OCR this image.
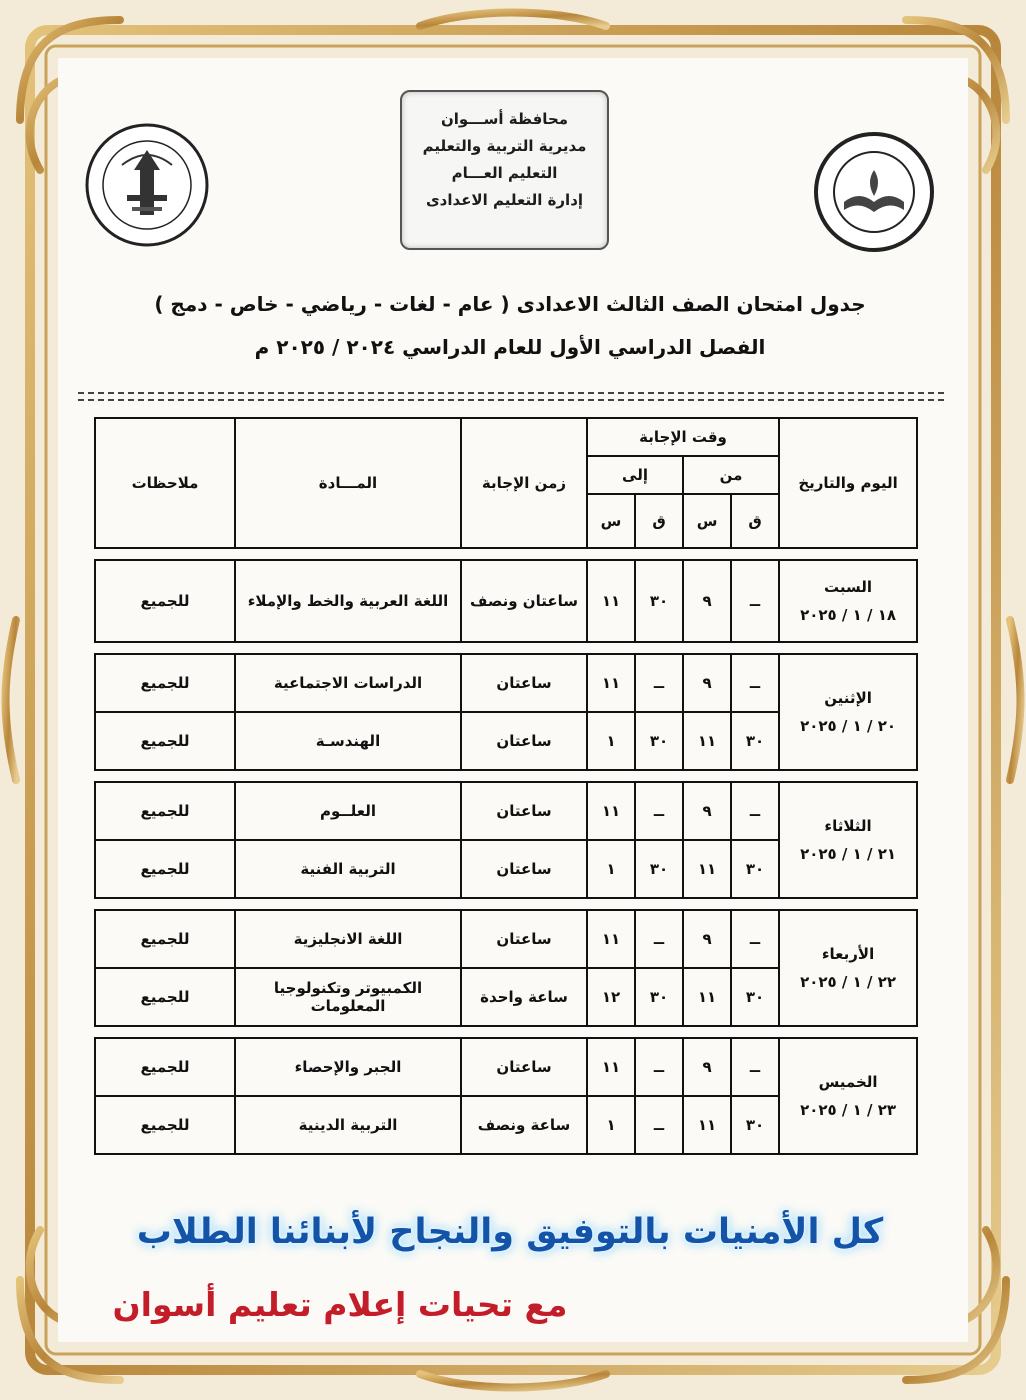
محافظة أســـوان
مديرية التربية والتعليم
التعليم العـــام
إدارة التعليم الاعدادى
جدول امتحان الصف الثالث الاعدادى ( عام - لغات - رياضي - خاص - دمج )
الفصل الدراسي الأول للعام الدراسي ٢٠٢٤ / ٢٠٢٥ م
اليوم والتاريخ	وقت الإجابة				زمن الإجابة	المـــادة	ملاحظات
	من		إلى				
	ق	س	ق	س			

السبت
١٨ / ١ / ٢٠٢٥	ــ	٩	٣٠	١١	ساعتان ونصف	اللغة العربية والخط والإملاء	للجميع

الإثنين
٢٠ / ١ / ٢٠٢٥	ــ	٩	ــ	١١	ساعتان	الدراسات الاجتماعية	للجميع
	٣٠	١١	٣٠	١	ساعتان	الهندسـة	للجميع

الثلاثاء
٢١ / ١ / ٢٠٢٥	ــ	٩	ــ	١١	ساعتان	العلــوم	للجميع
	٣٠	١١	٣٠	١	ساعتان	التربية الفنية	للجميع

الأربعاء
٢٢ / ١ / ٢٠٢٥	ــ	٩	ــ	١١	ساعتان	اللغة الانجليزية	للجميع
	٣٠	١١	٣٠	١٢	ساعة واحدة	الكمبيوتر وتكنولوجيا المعلومات	للجميع

الخميس
٢٣ / ١ / ٢٠٢٥	ــ	٩	ــ	١١	ساعتان	الجبر والإحصاء	للجميع
	٣٠	١١	ــ	١	ساعة ونصف	التربية الدينية	للجميع
كل الأمنيات بالتوفيق والنجاح لأبنائنا الطلاب
مع تحيات إعلام تعليم أسوان
